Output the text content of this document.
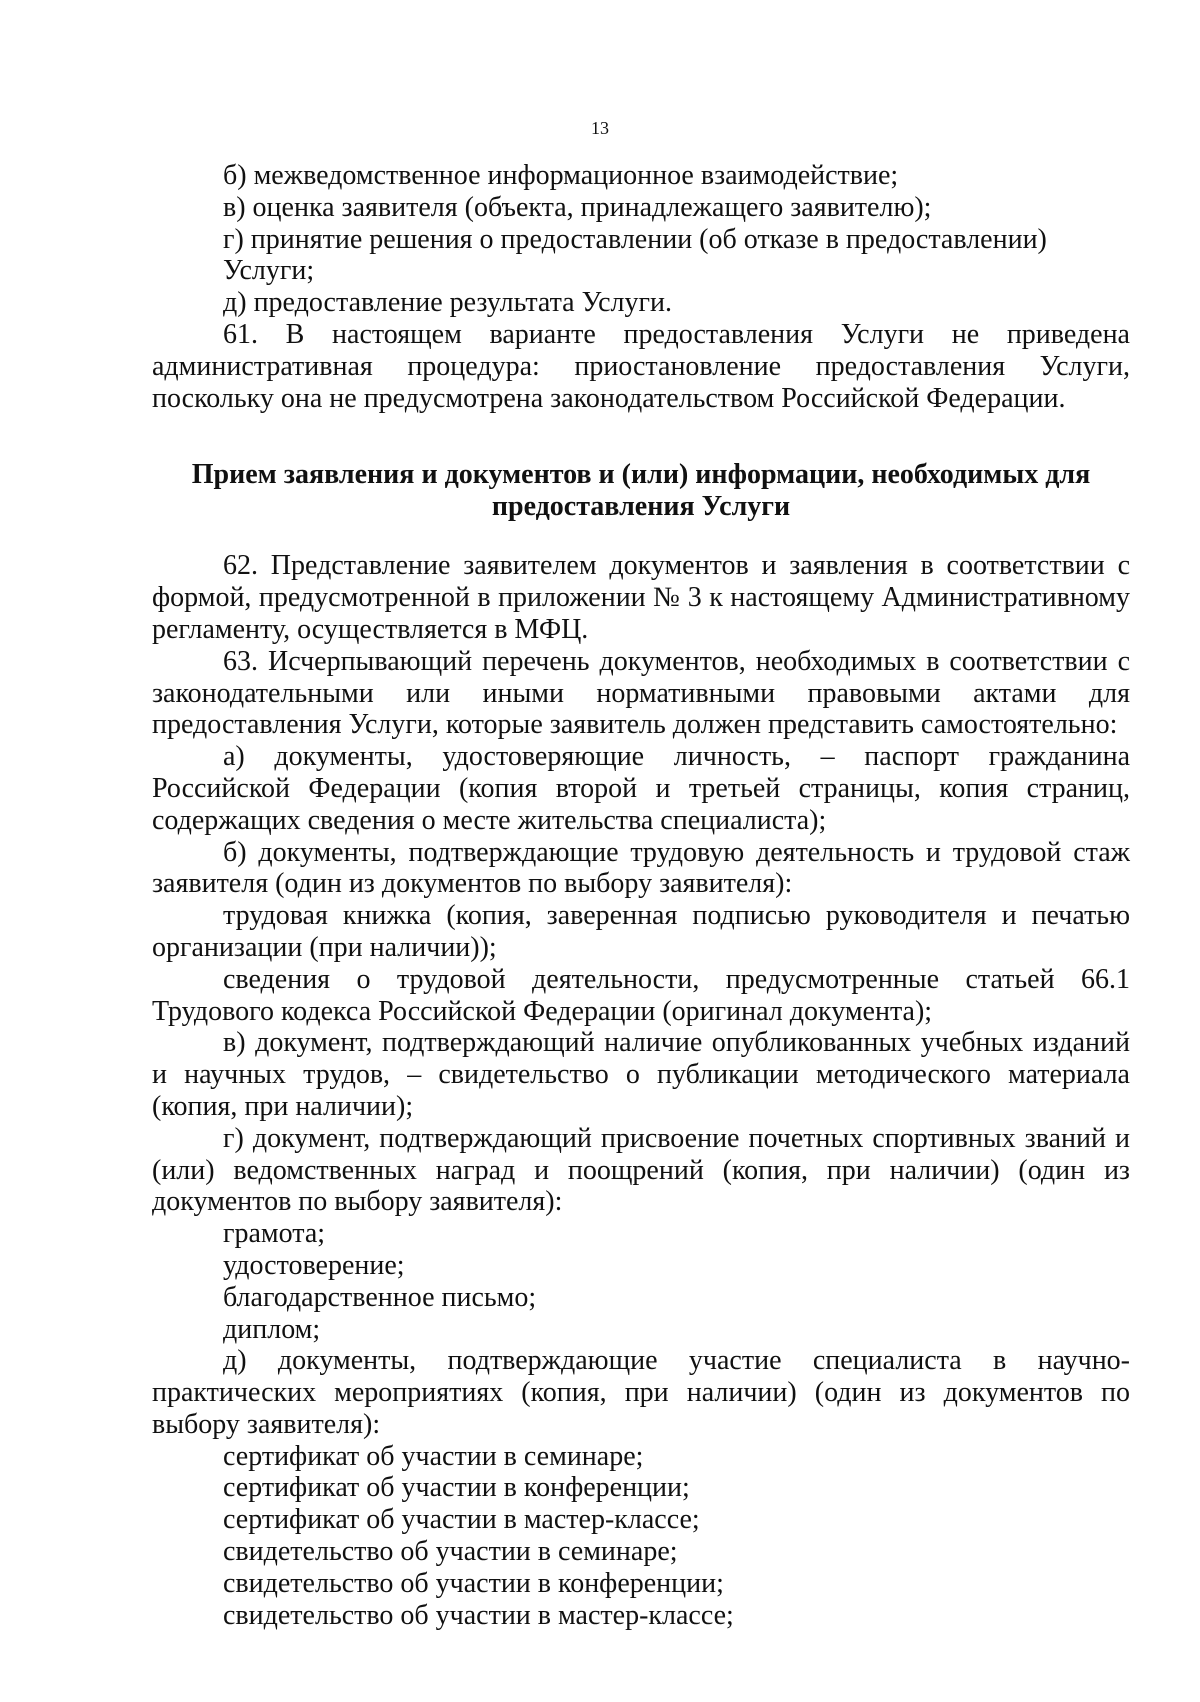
13

б) межведомственное информационное взаимодействие;

в) оценка заявителя (объекта, принадлежащего заявителю);

г) принятие решения о предоставлении (об отказе в предоставлении) Услуги;

д) предоставление результата Услуги.

61. В настоящем варианте предоставления Услуги не приведена административная процедура: приостановление предоставления Услуги, поскольку она не предусмотрена законодательством Российской Федерации.

Прием заявления и документов и (или) информации, необходимых для
предоставления Услуги

62. Представление заявителем документов и заявления в соответствии с формой, предусмотренной в приложении № 3 к настоящему Административному регламенту, осуществляется в МФЦ.

63. Исчерпывающий перечень документов, необходимых в соответствии с законодательными или иными нормативными правовыми актами для предоставления Услуги, которые заявитель должен представить самостоятельно:

а) документы, удостоверяющие личность, – паспорт гражданина Российской Федерации (копия второй и третьей страницы, копия страниц, содержащих сведения о месте жительства специалиста);

б) документы, подтверждающие трудовую деятельность и трудовой стаж заявителя (один из документов по выбору заявителя):

трудовая книжка (копия, заверенная подписью руководителя и печатью организации (при наличии));

сведения о трудовой деятельности, предусмотренные статьей 66.1 Трудового кодекса Российской Федерации (оригинал документа);

в) документ, подтверждающий наличие опубликованных учебных изданий и научных трудов, – свидетельство о публикации методического материала (копия, при наличии);

г) документ, подтверждающий присвоение почетных спортивных званий и (или) ведомственных наград и поощрений (копия, при наличии) (один из документов по выбору заявителя):

грамота;

удостоверение;

благодарственное письмо;

диплом;

д) документы, подтверждающие участие специалиста в научно-практических мероприятиях (копия, при наличии) (один из документов по выбору заявителя):

сертификат об участии в семинаре;

сертификат об участии в конференции;

сертификат об участии в мастер-классе;

свидетельство об участии в семинаре;

свидетельство об участии в конференции;

свидетельство об участии в мастер-классе;
